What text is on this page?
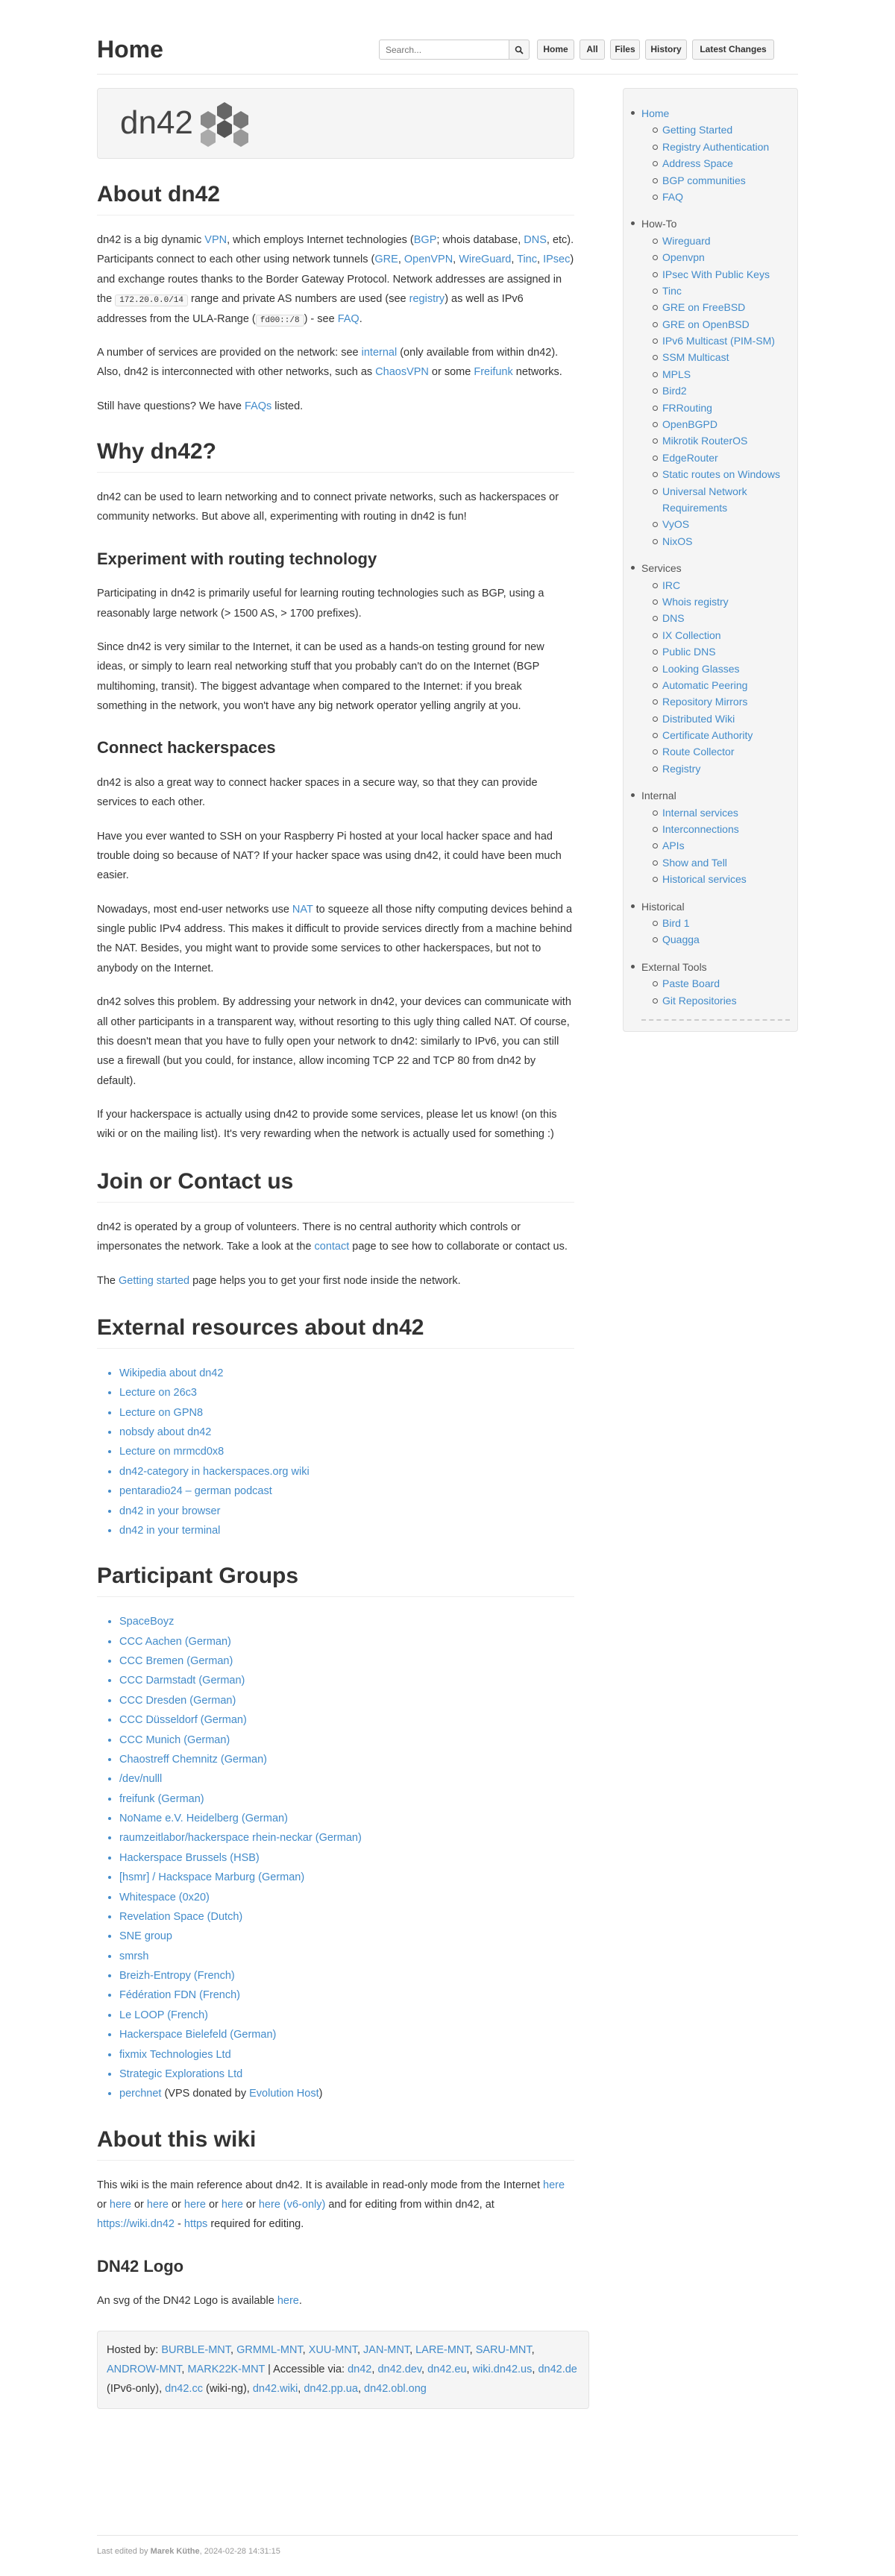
Home
Search...	Home	All	Files	History	Latest Changes
dn42
About dn42

dn42 is a big dynamic VPN, which employs Internet technologies (BGP; whois database, DNS, etc). Participants connect to each other using network tunnels (GRE, OpenVPN, WireGuard, Tinc, IPsec) and exchange routes thanks to the Border Gateway Protocol. Network addresses are assigned in the 172.20.0.0/14 range and private AS numbers are used (see registry) as well as IPv6 addresses from the ULA-Range ( fd00::/8 ) - see FAQ.

A number of services are provided on the network: see internal (only available from within dn42). Also, dn42 is interconnected with other networks, such as ChaosVPN or some Freifunk networks.

Still have questions? We have FAQs listed.

Why dn42?

dn42 can be used to learn networking and to connect private networks, such as hackerspaces or community networks. But above all, experimenting with routing in dn42 is fun!

Experiment with routing technology

Participating in dn42 is primarily useful for learning routing technologies such as BGP, using a reasonably large network (> 1500 AS, > 1700 prefixes).

Since dn42 is very similar to the Internet, it can be used as a hands-on testing ground for new ideas, or simply to learn real networking stuff that you probably can't do on the Internet (BGP multihoming, transit). The biggest advantage when compared to the Internet: if you break something in the network, you won't have any big network operator yelling angrily at you.

Connect hackerspaces

dn42 is also a great way to connect hacker spaces in a secure way, so that they can provide services to each other.

Have you ever wanted to SSH on your Raspberry Pi hosted at your local hacker space and had trouble doing so because of NAT? If your hacker space was using dn42, it could have been much easier.

Nowadays, most end-user networks use NAT to squeeze all those nifty computing devices behind a single public IPv4 address. This makes it difficult to provide services directly from a machine behind the NAT. Besides, you might want to provide some services to other hackerspaces, but not to anybody on the Internet.

dn42 solves this problem. By addressing your network in dn42, your devices can communicate with all other participants in a transparent way, without resorting to this ugly thing called NAT. Of course, this doesn't mean that you have to fully open your network to dn42: similarly to IPv6, you can still use a firewall (but you could, for instance, allow incoming TCP 22 and TCP 80 from dn42 by default).

If your hackerspace is actually using dn42 to provide some services, please let us know! (on this wiki or on the mailing list). It's very rewarding when the network is actually used for something :)

Join or Contact us

dn42 is operated by a group of volunteers. There is no central authority which controls or impersonates the network. Take a look at the contact page to see how to collaborate or contact us.

The Getting started page helps you to get your first node inside the network.

External resources about dn42
• Wikipedia about dn42
• Lecture on 26c3
• Lecture on GPN8
• nobsdy about dn42
• Lecture on mrmcd0x8
• dn42-category in hackerspaces.org wiki
• pentaradio24 – german podcast
• dn42 in your browser
• dn42 in your terminal
Participant Groups
• SpaceBoyz
• CCC Aachen (German)
• CCC Bremen (German)
• CCC Darmstadt (German)
• CCC Dresden (German)
• CCC Düsseldorf (German)
• CCC Munich (German)
• Chaostreff Chemnitz (German)
• /dev/nulll
• freifunk (German)
• NoName e.V. Heidelberg (German)
• raumzeitlabor/hackerspace rhein-neckar (German)
• Hackerspace Brussels (HSB)
• [hsmr] / Hackspace Marburg (German)
• Whitespace (0x20)
• Revelation Space (Dutch)
• SNE group
• smrsh
• Breizh-Entropy (French)
• Fédération FDN (French)
• Le LOOP (French)
• Hackerspace Bielefeld (German)
• fixmix Technologies Ltd
• Strategic Explorations Ltd
• perchnet (VPS donated by Evolution Host)
About this wiki

This wiki is the main reference about dn42. It is available in read-only mode from the Internet here or here or here or here or here or here (v6-only) and for editing from within dn42, at https://wiki.dn42 - https required for editing.

DN42 Logo

An svg of the DN42 Logo is available here.

Hosted by: BURBLE-MNT, GRMML-MNT, XUU-MNT, JAN-MNT, LARE-MNT, SARU-MNT, ANDROW-MNT, MARK22K-MNT | Accessible via: dn42, dn42.dev, dn42.eu, wiki.dn42.us, dn42.de (IPv6-only), dn42.cc (wiki-ng), dn42.wiki, dn42.pp.ua, dn42.obl.ong
Home
Getting Started
Registry Authentication
Address Space
BGP communities
FAQ
How-To
Wireguard
Openvpn
IPsec With Public Keys
Tinc
GRE on FreeBSD
GRE on OpenBSD
IPv6 Multicast (PIM-SM)
SSM Multicast
MPLS
Bird2
FRRouting
OpenBGPD
Mikrotik RouterOS
EdgeRouter
Static routes on Windows
Universal Network Requirements
VyOS
NixOS
Services
IRC
Whois registry
DNS
IX Collection
Public DNS
Looking Glasses
Automatic Peering
Repository Mirrors
Distributed Wiki
Certificate Authority
Route Collector
Registry
Internal
Internal services
Interconnections
APIs
Show and Tell
Historical services
Historical
Bird 1
Quagga
External Tools
Paste Board
Git Repositories
Last edited by Marek Küthe, 2024-02-28 14:31:15
